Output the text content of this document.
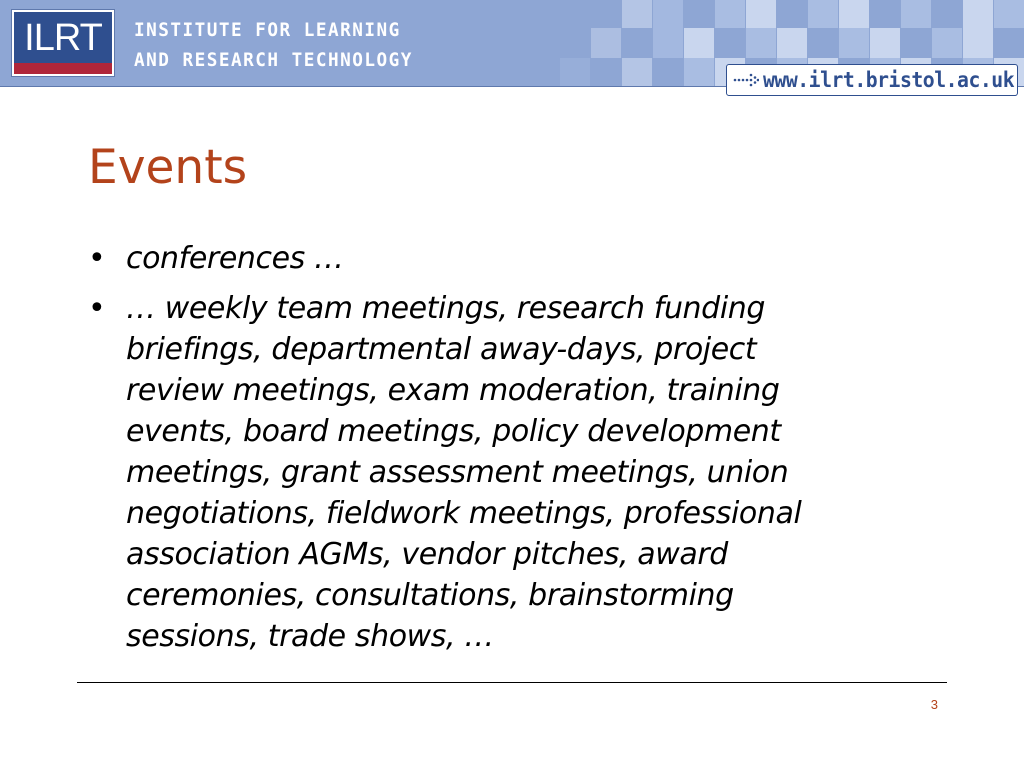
ILRT	INSTITUTE FOR LEARNING
AND RESEARCH TECHNOLOGY
www.ilrt.bristol.ac.uk
Events
• conferences …
• … weekly team meetings, research funding
briefings, departmental away-days, project
review meetings, exam moderation, training
events, board meetings, policy development
meetings, grant assessment meetings, union
negotiations, fieldwork meetings, professional
association AGMs, vendor pitches, award
ceremonies, consultations, brainstorming
sessions, trade shows, …
3
